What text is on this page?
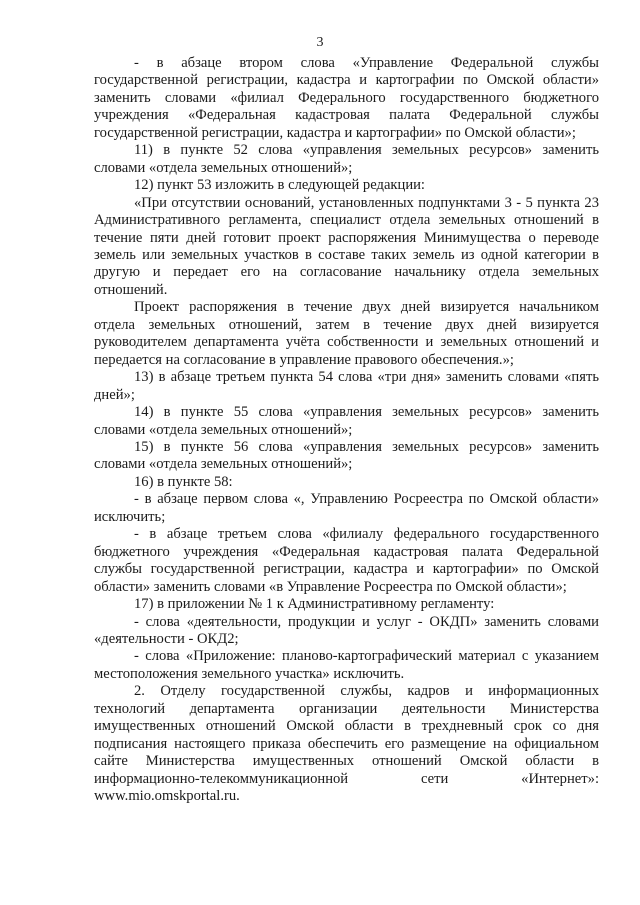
3

- в абзаце втором слова «Управление Федеральной службы государственной регистрации, кадастра и картографии по Омской области» заменить словами «филиал Федерального государственного бюджетного учреждения «Федеральная кадастровая палата Федеральной службы государственной регистрации, кадастра и картографии» по Омской области»;

11) в пункте 52 слова «управления земельных ресурсов» заменить словами «отдела земельных отношений»;

12) пункт 53 изложить в следующей редакции:

«При отсутствии оснований, установленных подпунктами 3 - 5 пункта 23 Административного регламента, специалист отдела земельных отношений в течение пяти дней готовит проект распоряжения Минимущества о переводе земель или земельных участков в составе таких земель из одной категории в другую и передает его на согласование начальнику отдела земельных отношений.

Проект распоряжения в течение двух дней визируется начальником отдела земельных отношений, затем в течение двух дней визируется руководителем департамента учёта собственности и земельных отношений и передается на согласование в управление правового обеспечения.»;

13) в абзаце третьем пункта 54 слова «три дня» заменить словами «пять дней»;

14) в пункте 55 слова «управления земельных ресурсов» заменить словами «отдела земельных отношений»;

15) в пункте 56 слова «управления земельных ресурсов» заменить словами «отдела земельных отношений»;

16) в пункте 58:

- в абзаце первом слова «, Управлению Росреестра по Омской области» исключить;

- в абзаце третьем слова «филиалу федерального государственного бюджетного учреждения «Федеральная кадастровая палата Федеральной службы государственной регистрации, кадастра и картографии» по Омской области» заменить словами «в Управление Росреестра по Омской области»;

17) в приложении № 1 к Административному регламенту:

- слова «деятельности, продукции и услуг - ОКДП» заменить словами «деятельности - ОКД2;

- слова «Приложение: планово-картографический материал с указанием местоположения земельного участка» исключить.

2. Отделу государственной службы, кадров и информационных технологий департамента организации деятельности Министерства имущественных отношений Омской области в трехдневный срок со дня подписания настоящего приказа обеспечить его размещение на официальном сайте Министерства имущественных отношений Омской области в информационно-телекоммуникационной сети «Интернет»: www.mio.omskportal.ru.
